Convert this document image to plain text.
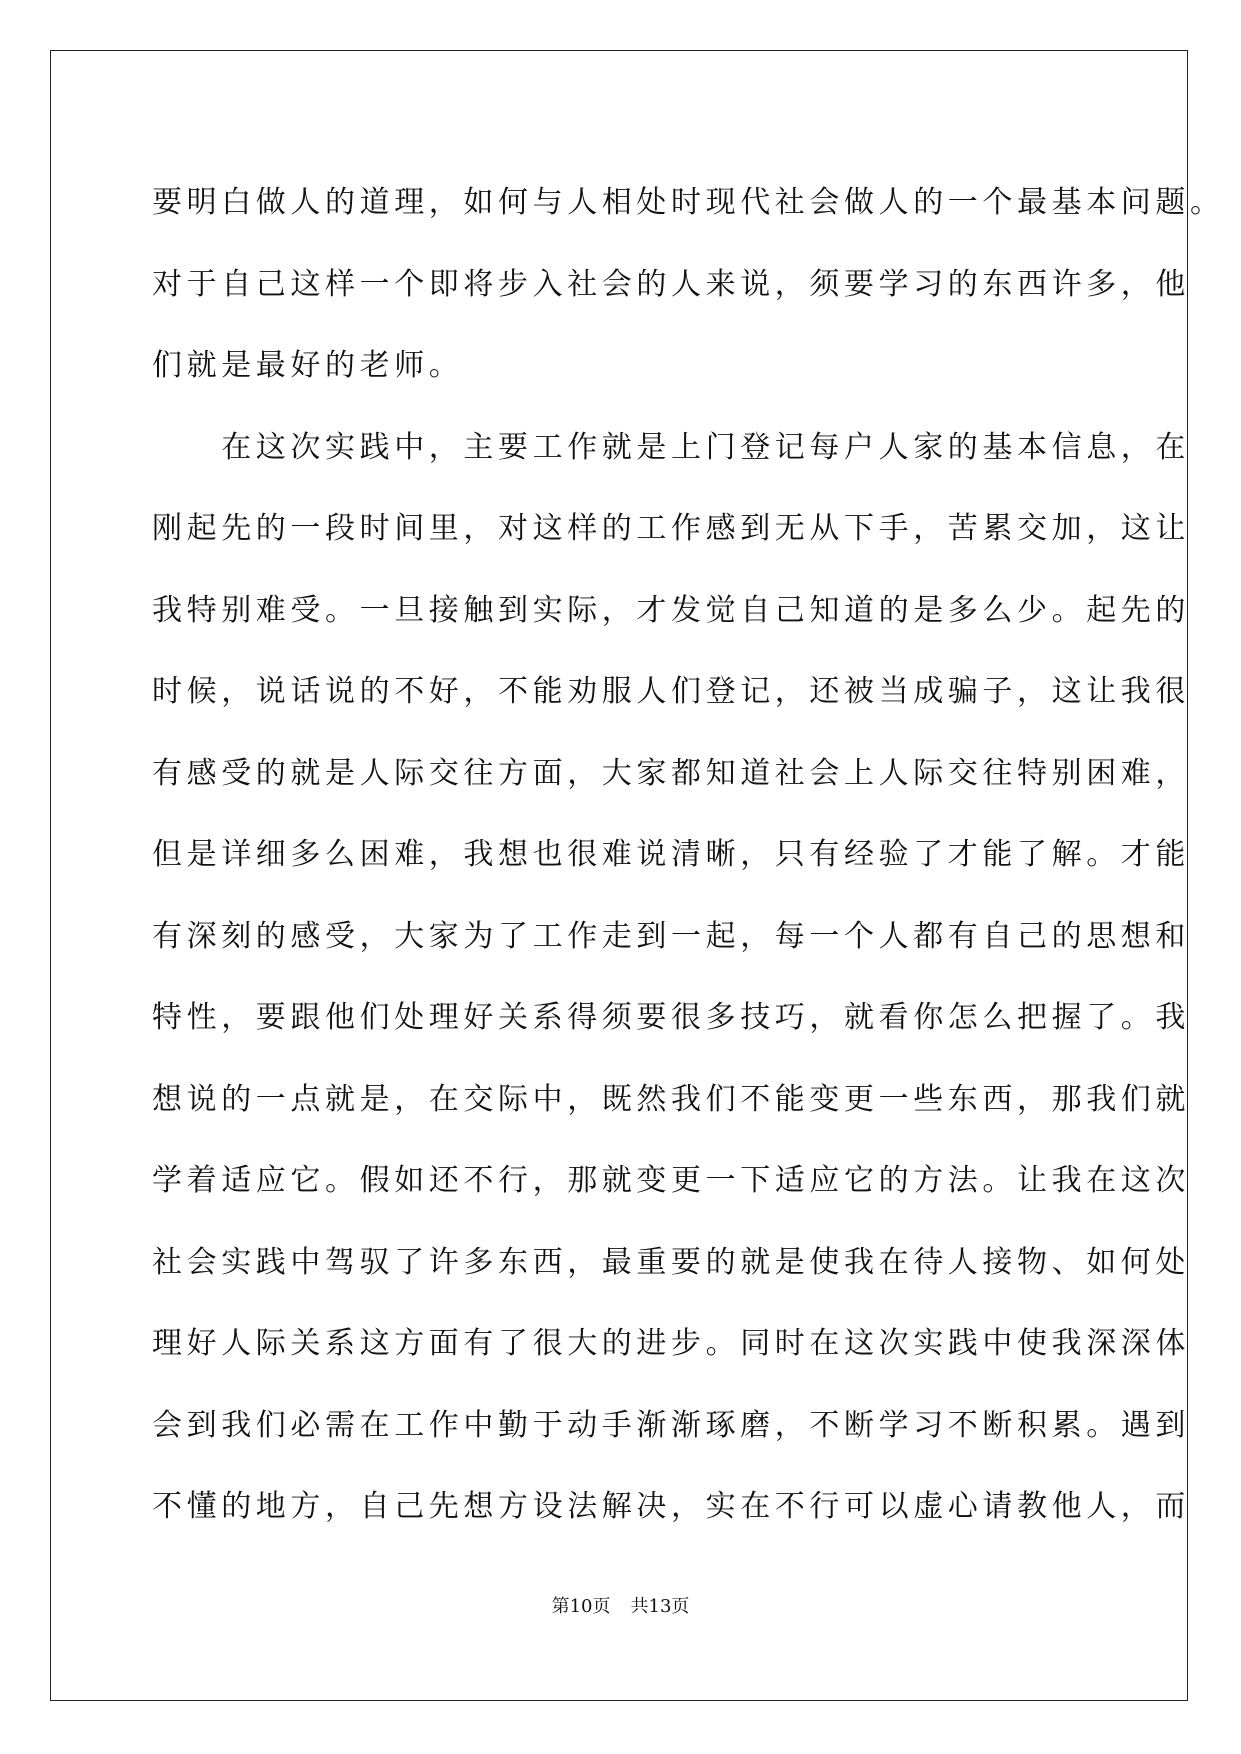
要明白做人的道理，如何与人相处时现代社会做人的一个最基本问题。
对于自己这样一个即将步入社会的人来说，须要学习的东西许多，他
们就是最好的老师。
　　在这次实践中，主要工作就是上门登记每户人家的基本信息，在
刚起先的一段时间里，对这样的工作感到无从下手，苦累交加，这让
我特别难受。一旦接触到实际，才发觉自己知道的是多么少。起先的
时候，说话说的不好，不能劝服人们登记，还被当成骗子，这让我很
有感受的就是人际交往方面，大家都知道社会上人际交往特别困难，
但是详细多么困难，我想也很难说清晰，只有经验了才能了解。才能
有深刻的感受，大家为了工作走到一起，每一个人都有自己的思想和
特性，要跟他们处理好关系得须要很多技巧，就看你怎么把握了。我
想说的一点就是，在交际中，既然我们不能变更一些东西，那我们就
学着适应它。假如还不行，那就变更一下适应它的方法。让我在这次
社会实践中驾驭了许多东西，最重要的就是使我在待人接物、如何处
理好人际关系这方面有了很大的进步。同时在这次实践中使我深深体
会到我们必需在工作中勤于动手渐渐琢磨，不断学习不断积累。遇到
不懂的地方，自己先想方设法解决，实在不行可以虚心请教他人，而
第10页 共13页
